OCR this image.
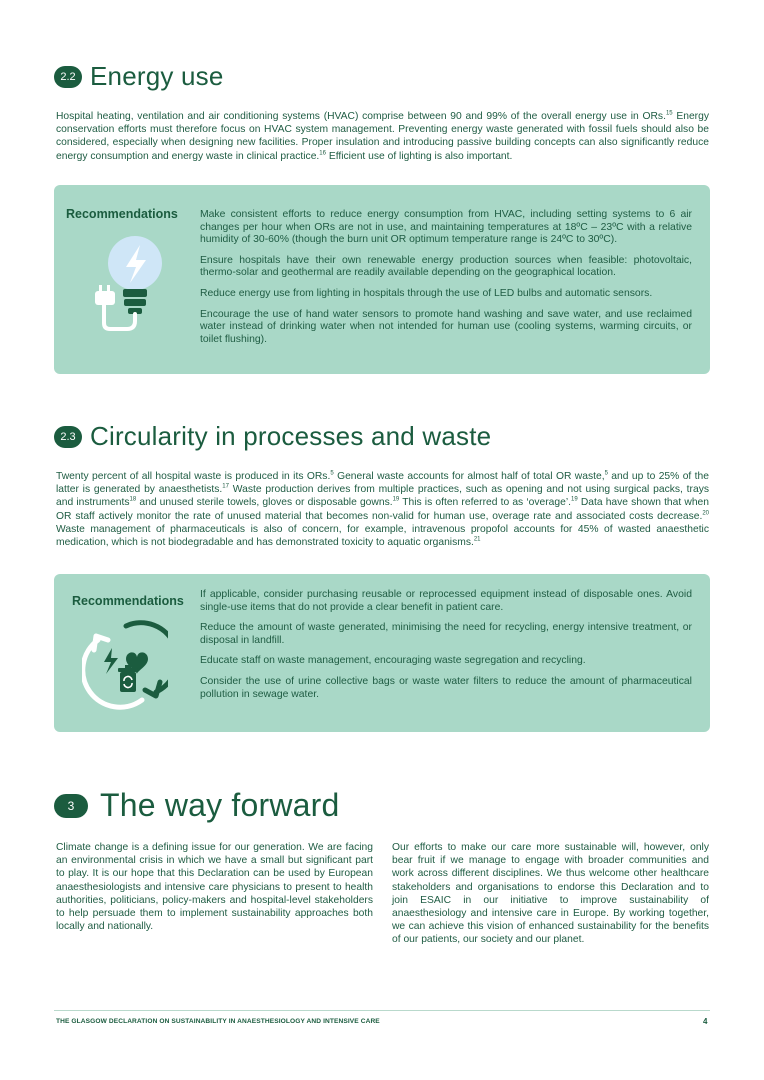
2.2 Energy use

Hospital heating, ventilation and air conditioning systems (HVAC) comprise between 90 and 99% of the overall energy use in ORs.$^{15}$ Energy conservation efforts must therefore focus on HVAC system management. Preventing energy waste generated with fossil fuels should also be considered, especially when designing new facilities. Proper insulation and introducing passive building concepts can also significantly reduce energy consumption and energy waste in clinical practice.$^{16}$ Efficient use of lighting is also important.

Recommendations Make consistent efforts to reduce energy consumption from HVAC, including setting systems to 6 air changes per hour when ORs are not in use, and maintaining temperatures at 18ºC – 23ºC with a relative humidity of 30-60% (though the burn unit OR optimum temperature range is 24ºC to 30ºC).
Ensure hospitals have their own renewable energy production sources when feasible: photovoltaic, thermo-solar and geothermal are readily available depending on the geographical location.
Reduce energy use from lighting in hospitals through the use of LED bulbs and automatic sensors.
Encourage the use of hand water sensors to promote hand washing and save water, and use reclaimed water instead of drinking water when not intended for human use (cooling systems, warming circuits, or toilet flushing).
2.3 Circularity in processes and waste

Twenty percent of all hospital waste is produced in its ORs.$^5$ General waste accounts for almost half of total OR waste,$^5$ and up to 25% of the latter is generated by anaesthetists.$^{17}$ Waste production derives from multiple practices, such as opening and not using surgical packs, trays and instruments$^{18}$ and unused sterile towels, gloves or disposable gowns.$^{19}$ This is often referred to as ‘overage’.$^{19}$ Data have shown that when OR staff actively monitor the rate of unused material that becomes non-valid for human use, overage rate and associated costs decrease.$^{20}$ Waste management of pharmaceuticals is also of concern, for example, intravenous propofol accounts for 45% of wasted anaesthetic medication, which is not biodegradable and has demonstrated toxicity to aquatic organisms.$^{21}$

Recommendations If applicable, consider purchasing reusable or reprocessed equipment instead of disposable ones. Avoid single-use items that do not provide a clear benefit in patient care.
Reduce the amount of waste generated, minimising the need for recycling, energy intensive treatment, or disposal in landfill.
Educate staff on waste management, encouraging waste segregation and recycling.
Consider the use of urine collective bags or waste water filters to reduce the amount of pharmaceutical pollution in sewage water.
3 The way forward

Climate change is a defining issue for our generation. We are facing an environmental crisis in which we have a small but significant part to play. It is our hope that this Declaration can be used by European anaesthesiologists and intensive care physicians to present to health authorities, politicians, policy-makers and hospital-level stakeholders to help persuade them to implement sustainability approaches both locally and nationally.

Our efforts to make our care more sustainable will, however, only bear fruit if we manage to engage with broader communities and work across different disciplines. We thus welcome other healthcare stakeholders and organisations to endorse this Declaration and to join ESAIC in our initiative to improve sustainability of anaesthesiology and intensive care in Europe. By working together, we can achieve this vision of enhanced sustainability for the benefits of our patients, our society and our planet.

THE GLASGOW DECLARATION ON SUSTAINABILITY IN ANAESTHESIOLOGY AND INTENSIVE CARE	4
